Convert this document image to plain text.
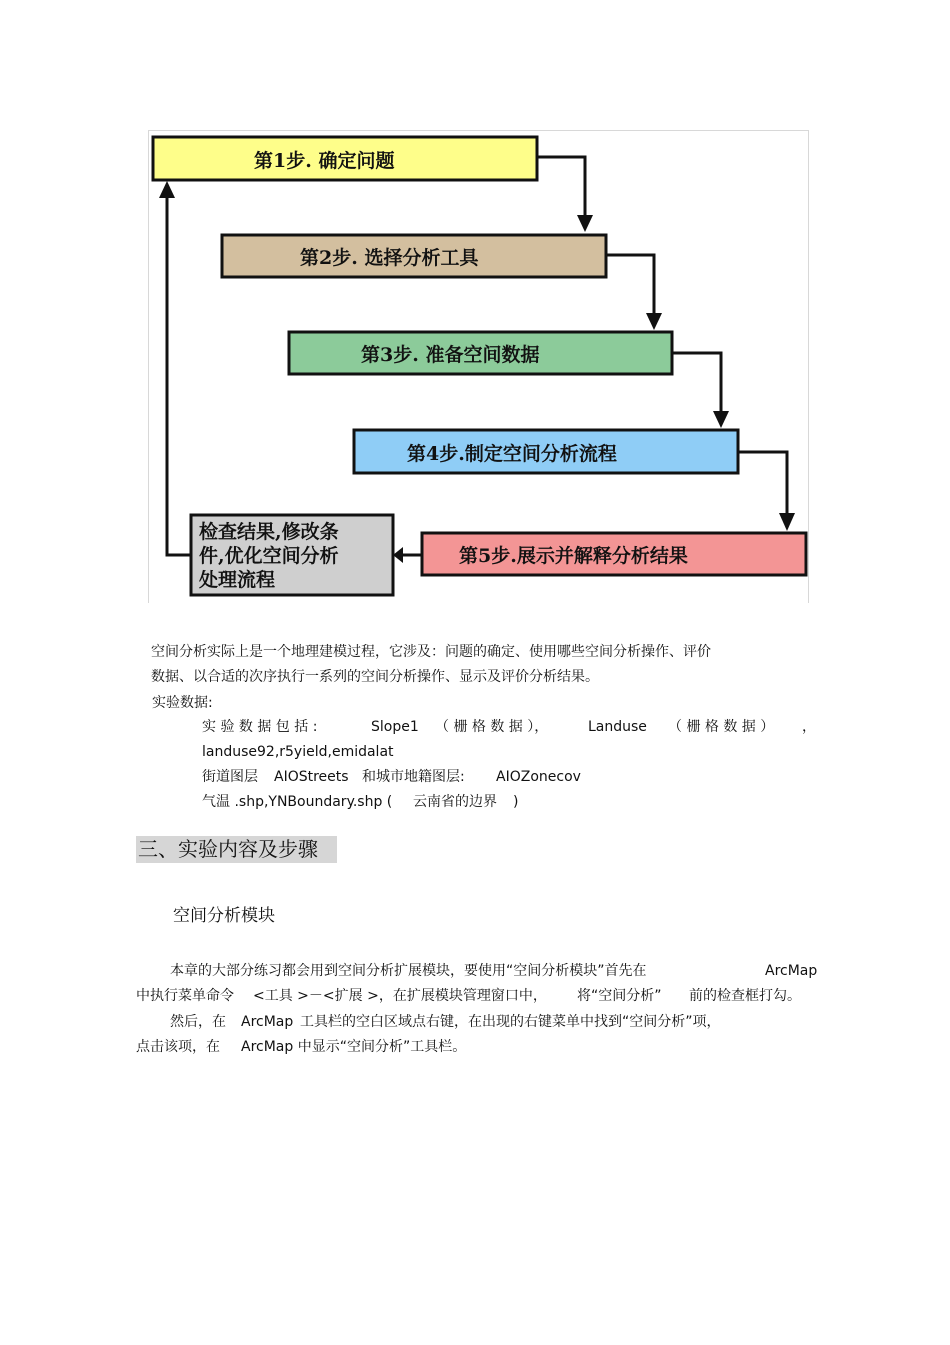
第1步. 确定问题
第2步. 选择分析工具
第3步. 准备空间数据
第4步.制定空间分析流程
第5步.展示并解释分析结果
检查结果,修改条
件,优化空间分析
处理流程
空间分析实际上是一个地理建模过程，它涉及：问题的确定、使用哪些空间分析操作、评价
数据、以合适的次序执行一系列的空间分析操作、显示及评价分析结果。
实验数据:
实 验 数 据 包 括 :	Slope1 （ 栅 格 数 据 ），	Landuse （ 栅 格 数 据 ） ，
landuse92,r5yield,emidalat
街道图层 AIOStreets 和城市地籍图层: AIOZonecov
气温 .shp,YNBoundary.shp ( 云南省的边界 )
三、实验内容及步骤
空间分析模块
本章的大部分练习都会用到空间分析扩展模块，要使用“空间分析模块”首先在	ArcMap
中执行菜单命令 <工具 >－<扩展 >，在扩展模块管理窗口中， 将“空间分析” 前的检查框打勾。
然后，在 ArcMap 工具栏的空白区域点右键，在出现的右键菜单中找到“空间分析”项，
点击该项，在 ArcMap 中显示“空间分析”工具栏。
